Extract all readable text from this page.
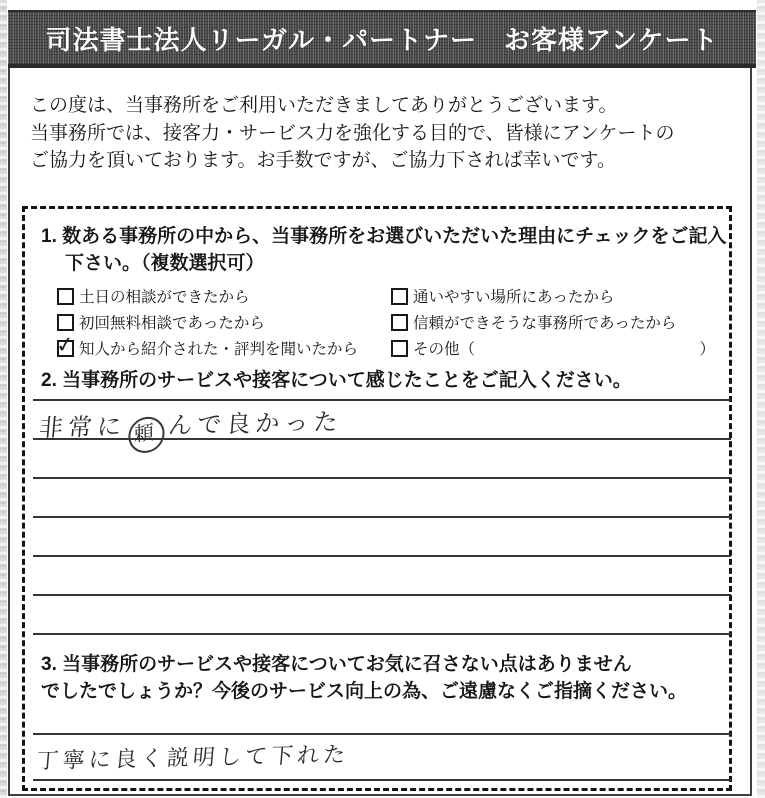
司法書士法人リーガル・パートナー　お客様アンケート
この度は、当事務所をご利用いただきましてありがとうございます。
当事務所では、接客力・サービス力を強化する目的で、皆様にアンケートの
ご協力を頂いております。お手数ですが、ご協力下されば幸いです。
1. 数ある事務所の中から、当事務所をお選びいただいた理由にチェックをご記入
下さい。（複数選択可）
土日の相談ができたから
初回無料相談であったから
✓ 知人から紹介された・評判を聞いたから
通いやすい場所にあったから
信頼ができそうな事務所であったから
その他（	）
2. 当事務所のサービスや接客について感じたことをご記入ください。
非常に 頼 んで良かった
3. 当事務所のサービスや接客についてお気に召さない点はありません
でしたでしょうか？今後のサービス向上の為、ご遠慮なくご指摘ください。
丁寧に良く説明して下れた
